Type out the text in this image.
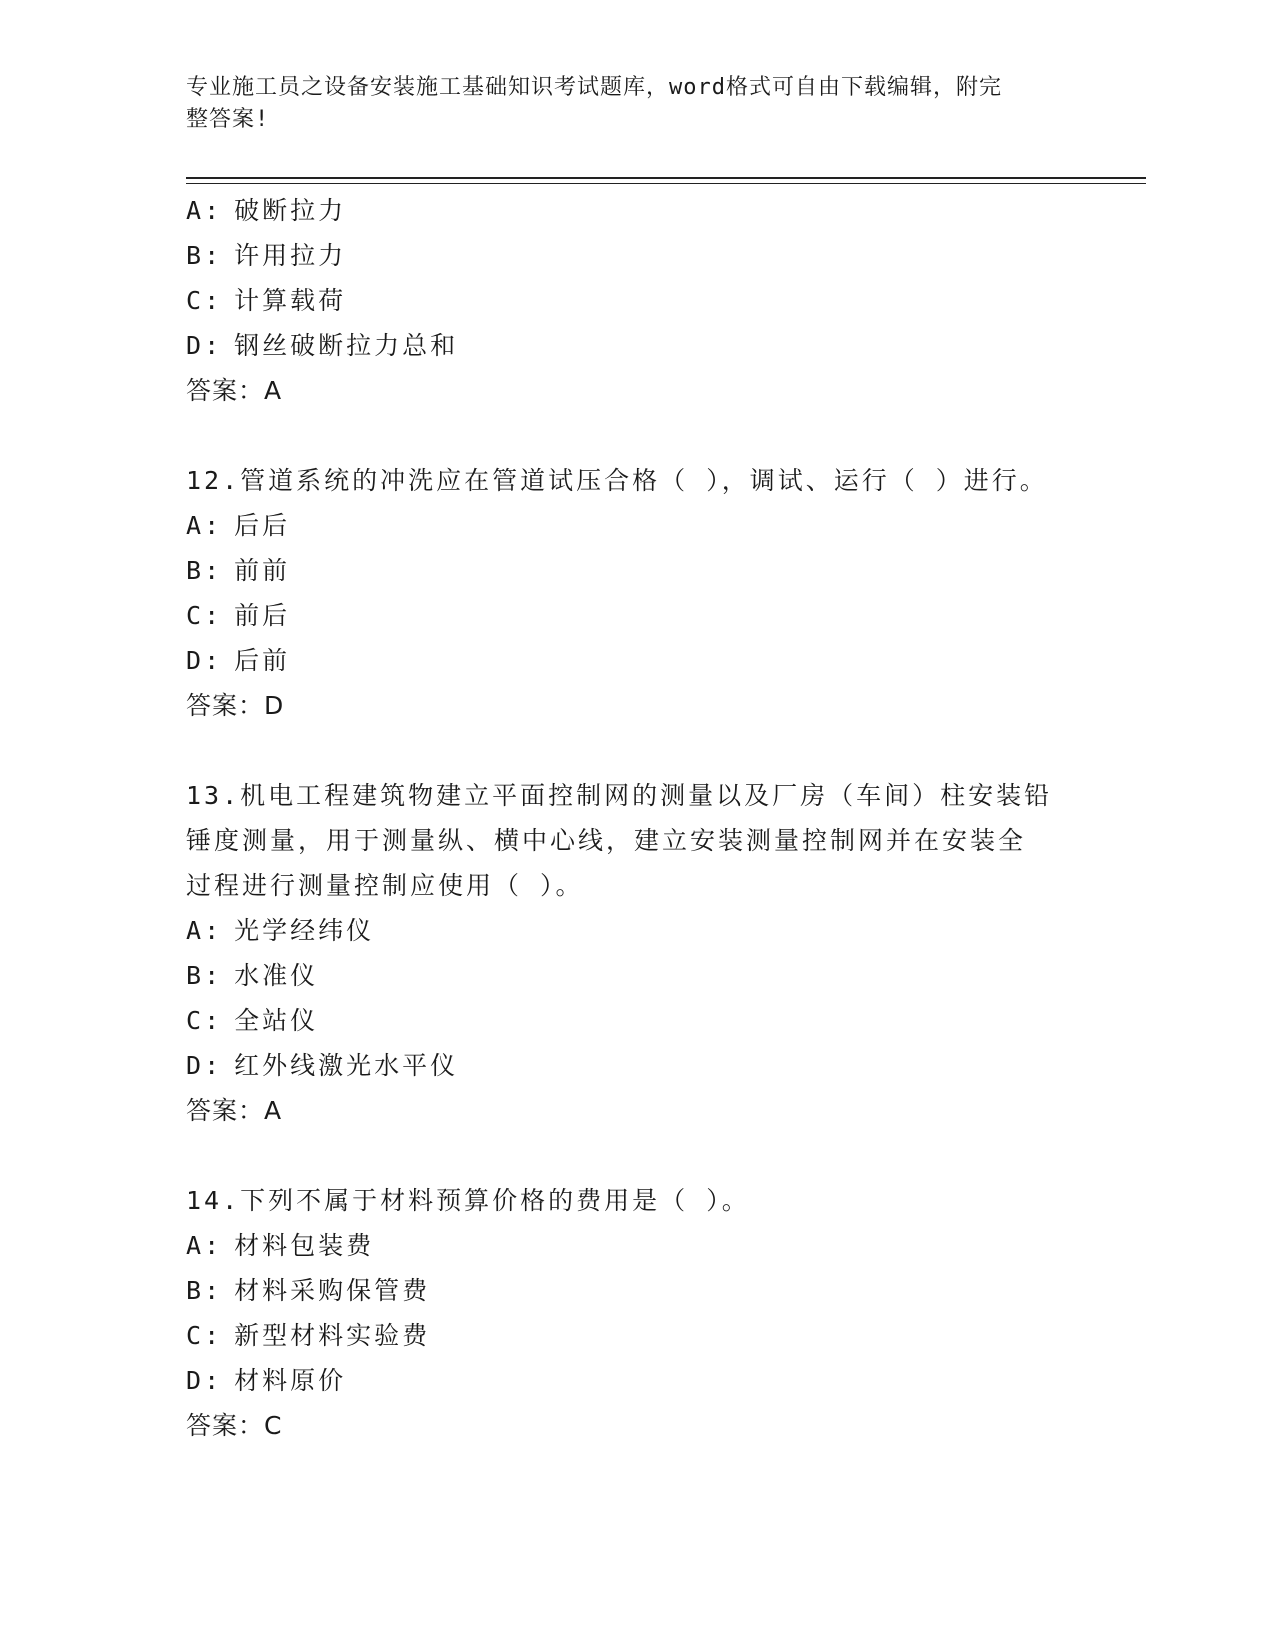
专业施工员之设备安装施工基础知识考试题库，word格式可自由下载编辑，附完
整答案!
A: 破断拉力
B: 许用拉力
C: 计算载荷
D: 钢丝破断拉力总和
答案：A
12.管道系统的冲洗应在管道试压合格（ ），调试、运行（ ）进行。
A: 后后
B: 前前
C: 前后
D: 后前
答案：D
13.机电工程建筑物建立平面控制网的测量以及厂房（车间）柱安装铅
锤度测量，用于测量纵、横中心线，建立安装测量控制网并在安装全
过程进行测量控制应使用（ ）。
A: 光学经纬仪
B: 水准仪
C: 全站仪
D: 红外线激光水平仪
答案：A
14.下列不属于材料预算价格的费用是（ ）。
A: 材料包装费
B: 材料采购保管费
C: 新型材料实验费
D: 材料原价
答案：C
